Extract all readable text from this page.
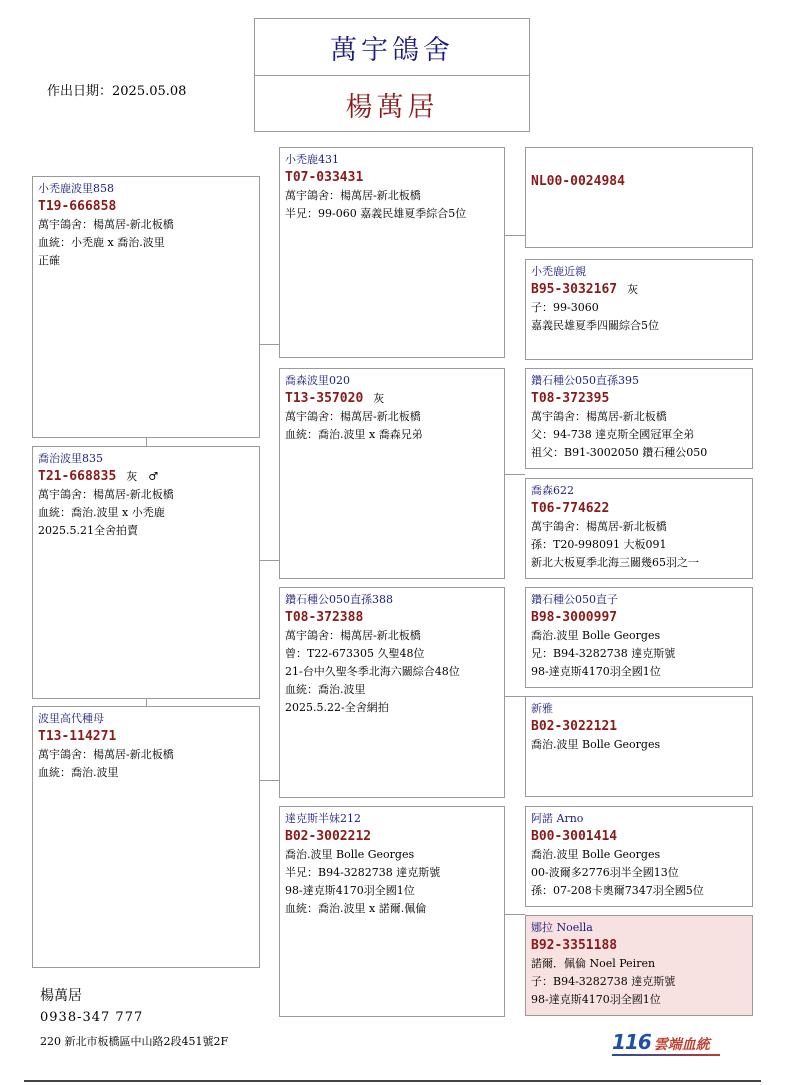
萬宇鴿舍
楊萬居
作出日期：2025.05.08
小禿鹿波里858
T19-666858
萬宇鴿舍：楊萬居-新北板橋
血統：小禿鹿 x 喬治.波里
正確
喬治波里835
T21-668835 灰　♂
萬宇鴿舍：楊萬居-新北板橋
血統：喬治.波里 x 小禿鹿
2025.5.21全舍拍賣
波里高代種母
T13-114271
萬宇鴿舍：楊萬居-新北板橋
血統：喬治.波里
小禿鹿431
T07-033431
萬宇鴿舍：楊萬居-新北板橋
半兄：99-060 嘉義民雄夏季綜合5位
喬森波里020
T13-357020 灰
萬宇鴿舍：楊萬居-新北板橋
血統：喬治.波里 x 喬森兄弟
鑽石種公050直孫388
T08-372388
萬宇鴿舍：楊萬居-新北板橋
曾：T22-673305 久聖48位
21-台中久聖冬季北海六關綜合48位
血統：喬治.波里
2025.5.22-全舍網拍
達克斯半妹212
B02-3002212
喬治.波里 Bolle Georges
半兄：B94-3282738 達克斯號
98-達克斯4170羽全國1位
血統：喬治.波里 x 諾爾.佩倫
NL00-0024984
小禿鹿近親
B95-3032167 灰
子：99-3060
嘉義民雄夏季四關綜合5位
鑽石種公050直孫395
T08-372395
萬宇鴿舍：楊萬居-新北板橋
父：94-738 達克斯全國冠軍全弟
祖父：B91-3002050 鑽石種公050
喬森622
T06-774622
萬宇鴿舍：楊萬居-新北板橋
孫：T20-998091 大板091
新北大板夏季北海三關幾65羽之一
鑽石種公050直子
B98-3000997
喬治.波里 Bolle Georges
兄：B94-3282738 達克斯號
98-達克斯4170羽全國1位
新雅
B02-3022121
喬治.波里 Bolle Georges
阿諾 Arno
B00-3001414
喬治.波里 Bolle Georges
00-波爾多2776羽半全國13位
孫：07-208卡奧爾7347羽全國5位
娜拉 Noella
B92-3351188
諾爾．佩倫 Noel Peiren
子：B94-3282738 達克斯號
98-達克斯4170羽全國1位
楊萬居
0938-347 777
220 新北市板橋區中山路2段451號2F	116 雲端血統
